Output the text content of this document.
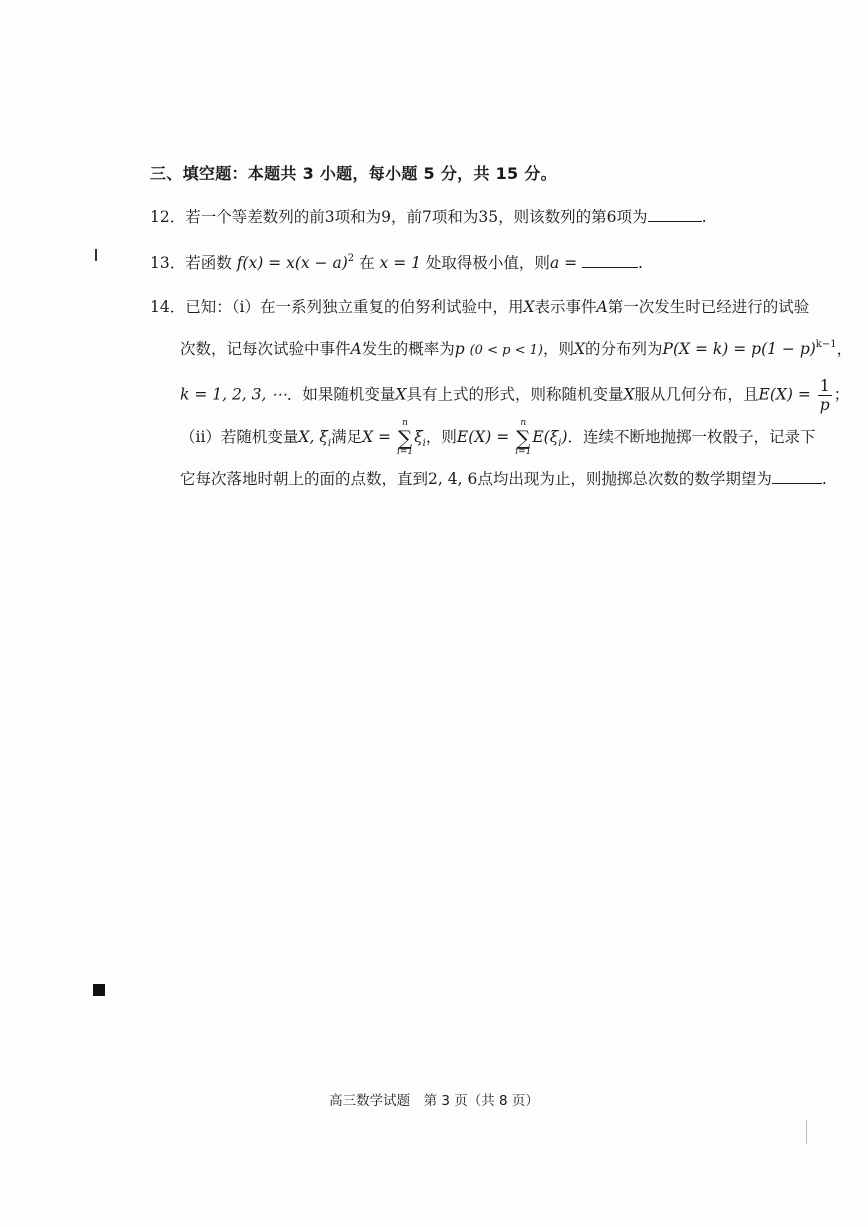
三、填空题：本题共 3 小题，每小题 5 分，共 15 分。
12．若一个等差数列的前3项和为9，前7项和为35，则该数列的第6项为	.
13．若函数 $f(x) = x(x - a)^2$ 在 x = 1 处取得极小值，则a =	.
14．已知：（i）在一系列独立重复的伯努利试验中，用X表示事件A第一次发生时已经进行的试验
次数，记每次试验中事件A发生的概率为p (0 < p < 1)，则X的分布列为$P(X = k) = p(1 - p)^{k-1}$，
k = 1, 2, 3, ⋯．如果随机变量X具有上式的形式，则称随机变量X服从几何分布，且$E(X) = \frac{1}{p}$ ；
（ii）若随机变量X, $\xi_i$满足X =
n
∑
i=1
$\xi_i$，则E(X) =
n
∑
i=1
$E(\xi_i)$．连续不断地抛掷一枚骰子，记录下
它每次落地时朝上的面的点数，直到2, 4, 6点均出现为止，则抛掷总次数的数学期望为	.
高三数学试题　第 3 页（共 8 页）
